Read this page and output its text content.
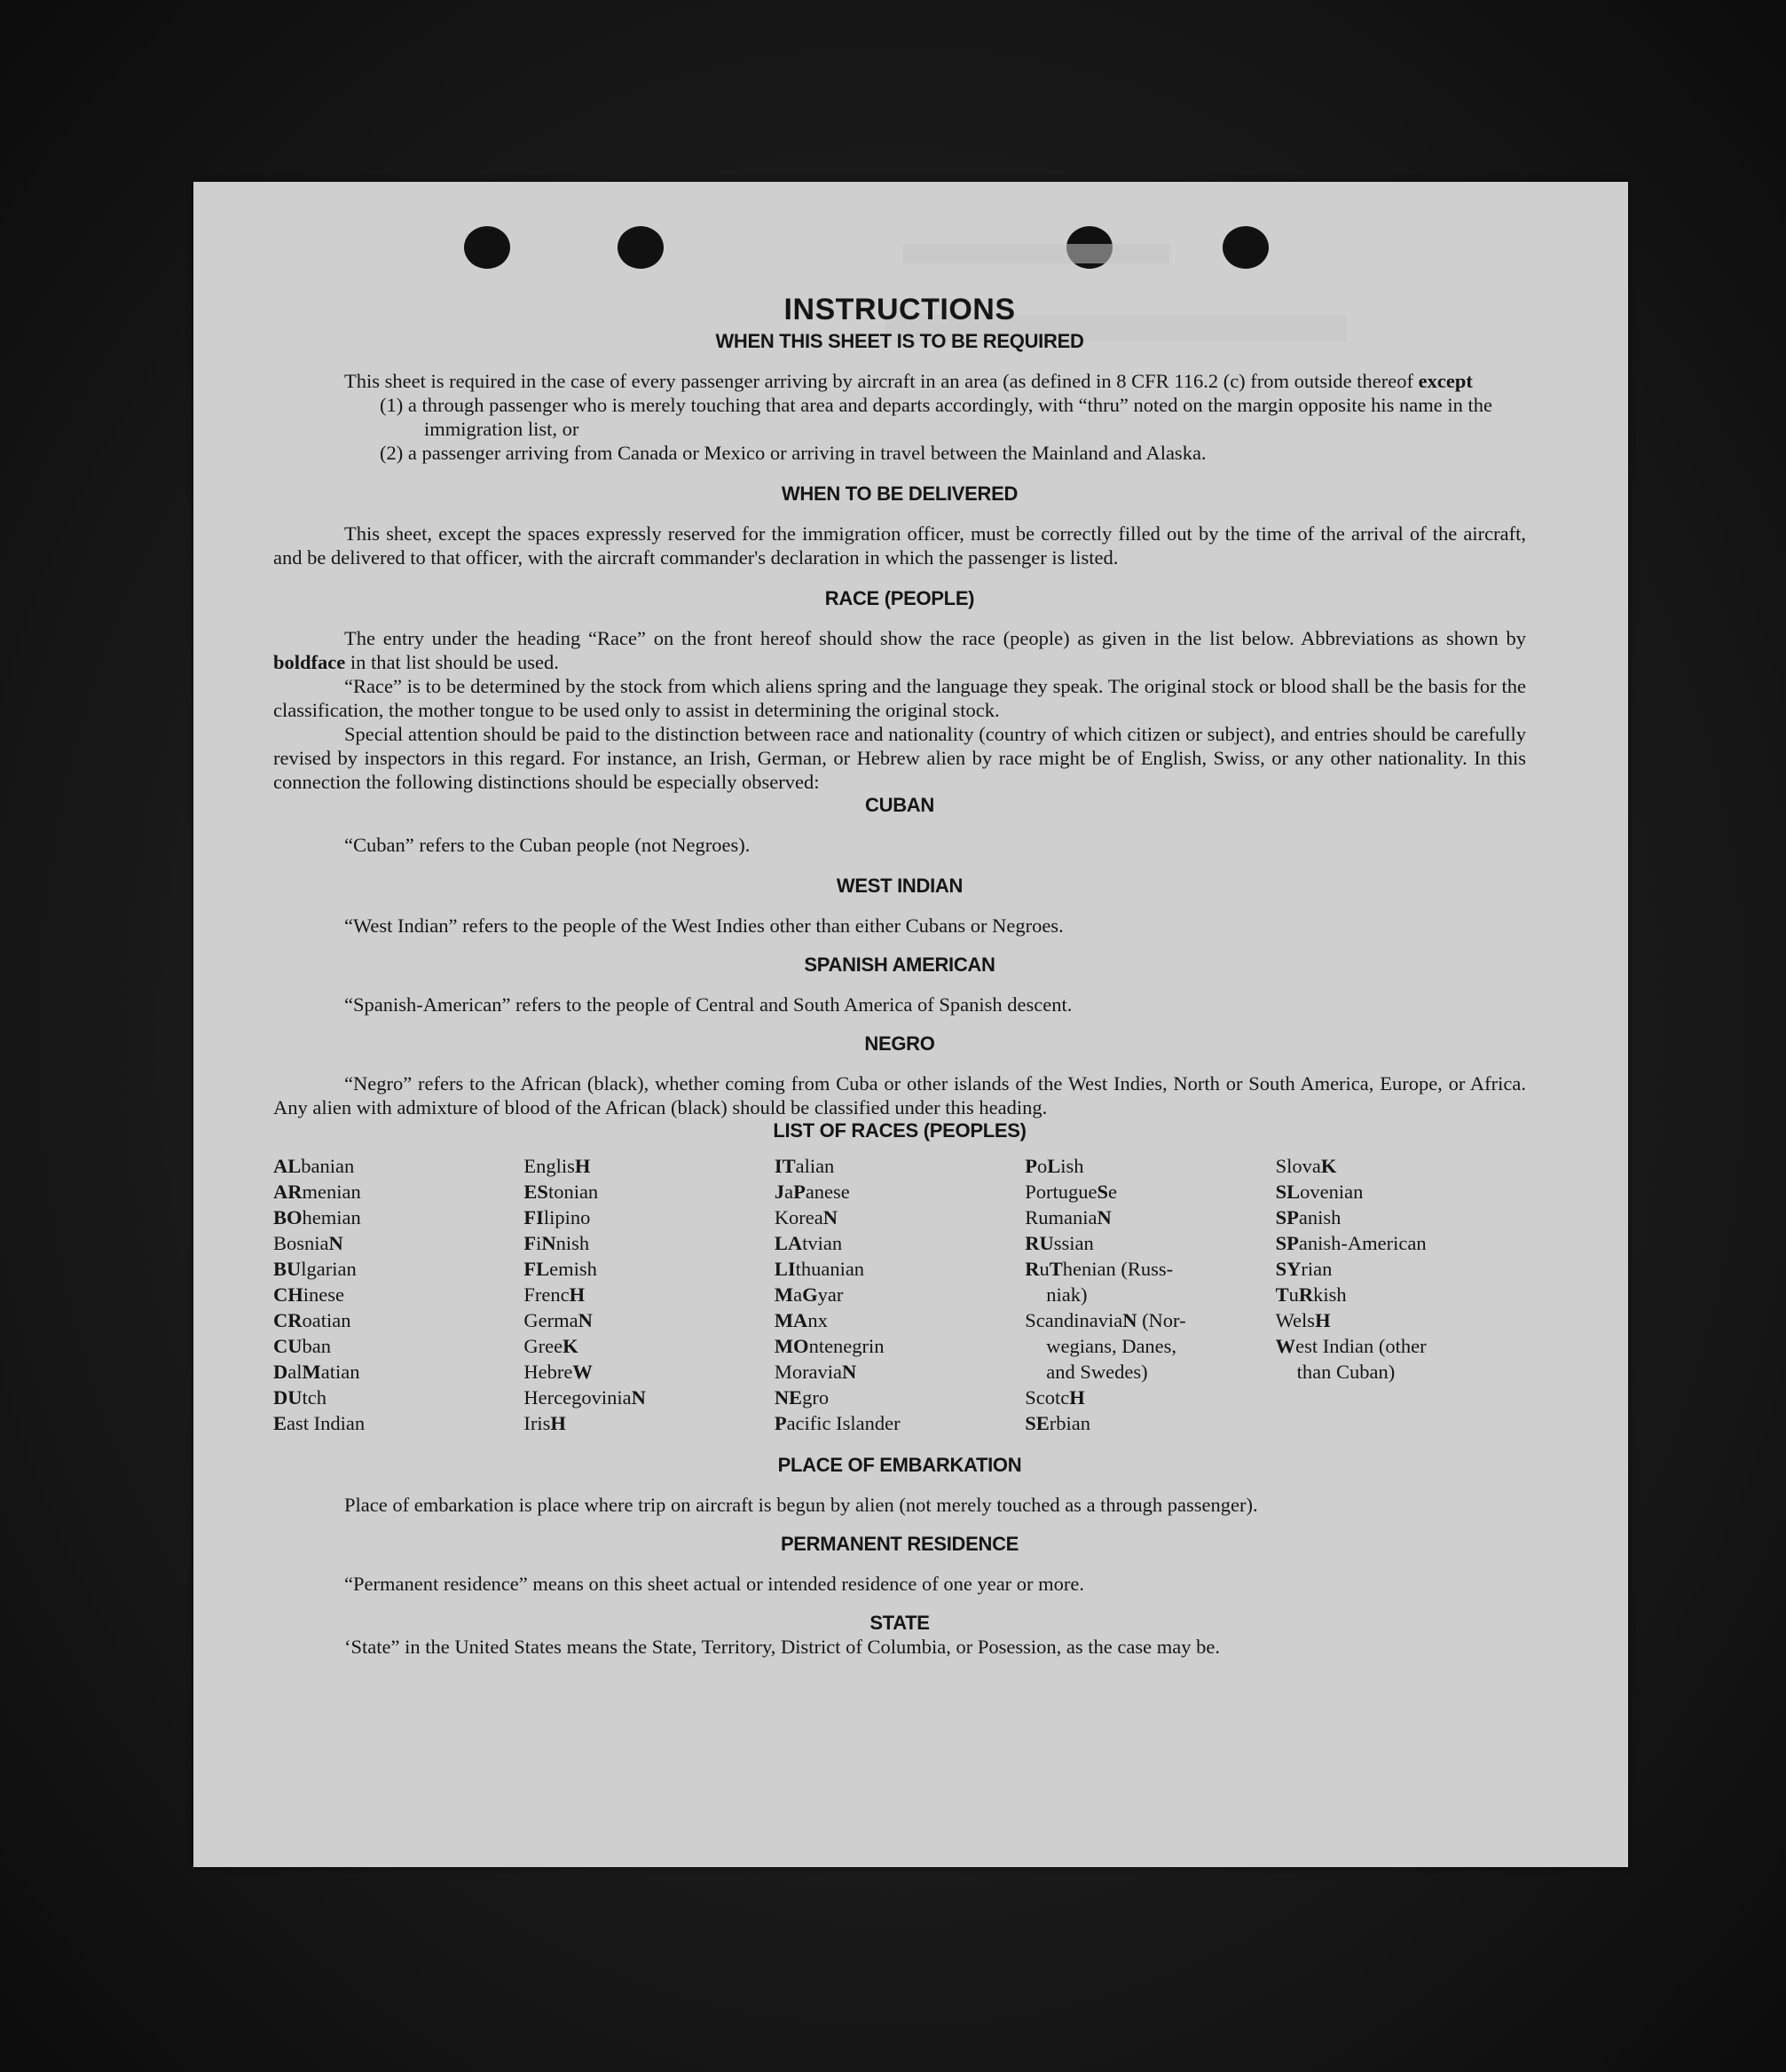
INSTRUCTIONS
WHEN THIS SHEET IS TO BE REQUIRED

This sheet is required in the case of every passenger arriving by aircraft in an area (as defined in 8 CFR 116.2 (c) from outside thereof except

(1) a through passenger who is merely touching that area and departs accordingly, with “thru” noted on the margin opposite his name in the immigration list, or

(2) a passenger arriving from Canada or Mexico or arriving in travel between the Mainland and Alaska.

WHEN TO BE DELIVERED

This sheet, except the spaces expressly reserved for the immigration officer, must be correctly filled out by the time of the arrival of the aircraft, and be delivered to that officer, with the aircraft commander's declaration in which the passenger is listed.

RACE (PEOPLE)

The entry under the heading “Race” on the front hereof should show the race (people) as given in the list below. Abbreviations as shown by boldface in that list should be used.

“Race” is to be determined by the stock from which aliens spring and the language they speak. The original stock or blood shall be the basis for the classification, the mother tongue to be used only to assist in determining the original stock.

Special attention should be paid to the distinction between race and nationality (country of which citizen or subject), and entries should be carefully revised by inspectors in this regard. For instance, an Irish, German, or Hebrew alien by race might be of English, Swiss, or any other nationality. In this connection the following distinctions should be especially observed:

CUBAN

“Cuban” refers to the Cuban people (not Negroes).

WEST INDIAN

“West Indian” refers to the people of the West Indies other than either Cubans or Negroes.

SPANISH AMERICAN

“Spanish-American” refers to the people of Central and South America of Spanish descent.

NEGRO

“Negro” refers to the African (black), whether coming from Cuba or other islands of the West Indies, North or South America, Europe, or Africa. Any alien with admixture of blood of the African (black) should be classified under this heading.

LIST OF RACES (PEOPLES)

ALbanian

ARmenian

BOhemian

BosniaN

BUlgarian

CHinese

CRoatian

CUban

DalMatian

DUtch

East Indian

EnglisH

EStonian

FIlipino

FiNnish

FLemish

FrencH

GermaN

GreeK

HebreW

HercegoviniaN

IrisH

ITalian

JaPanese

KoreaN

LAtvian

LIthuanian

MaGyar

MAnx

MOntenegrin

MoraviaN

NEgro

Pacific Islander

PoLish

PortugueSe

RumaniaN

RUssian

RuThenian (Russ-

niak)

ScandinaviaN (Nor-

wegians, Danes,

and Swedes)

ScotcH

SErbian

SlovaK

SLovenian

SPanish

SPanish-American

SYrian

TuRkish

WelsH

West Indian (other

than Cuban)

PLACE OF EMBARKATION

Place of embarkation is place where trip on aircraft is begun by alien (not merely touched as a through passenger).

PERMANENT RESIDENCE

“Permanent residence” means on this sheet actual or intended residence of one year or more.

STATE

‘State” in the United States means the State, Territory, District of Columbia, or Posession, as the case may be.
